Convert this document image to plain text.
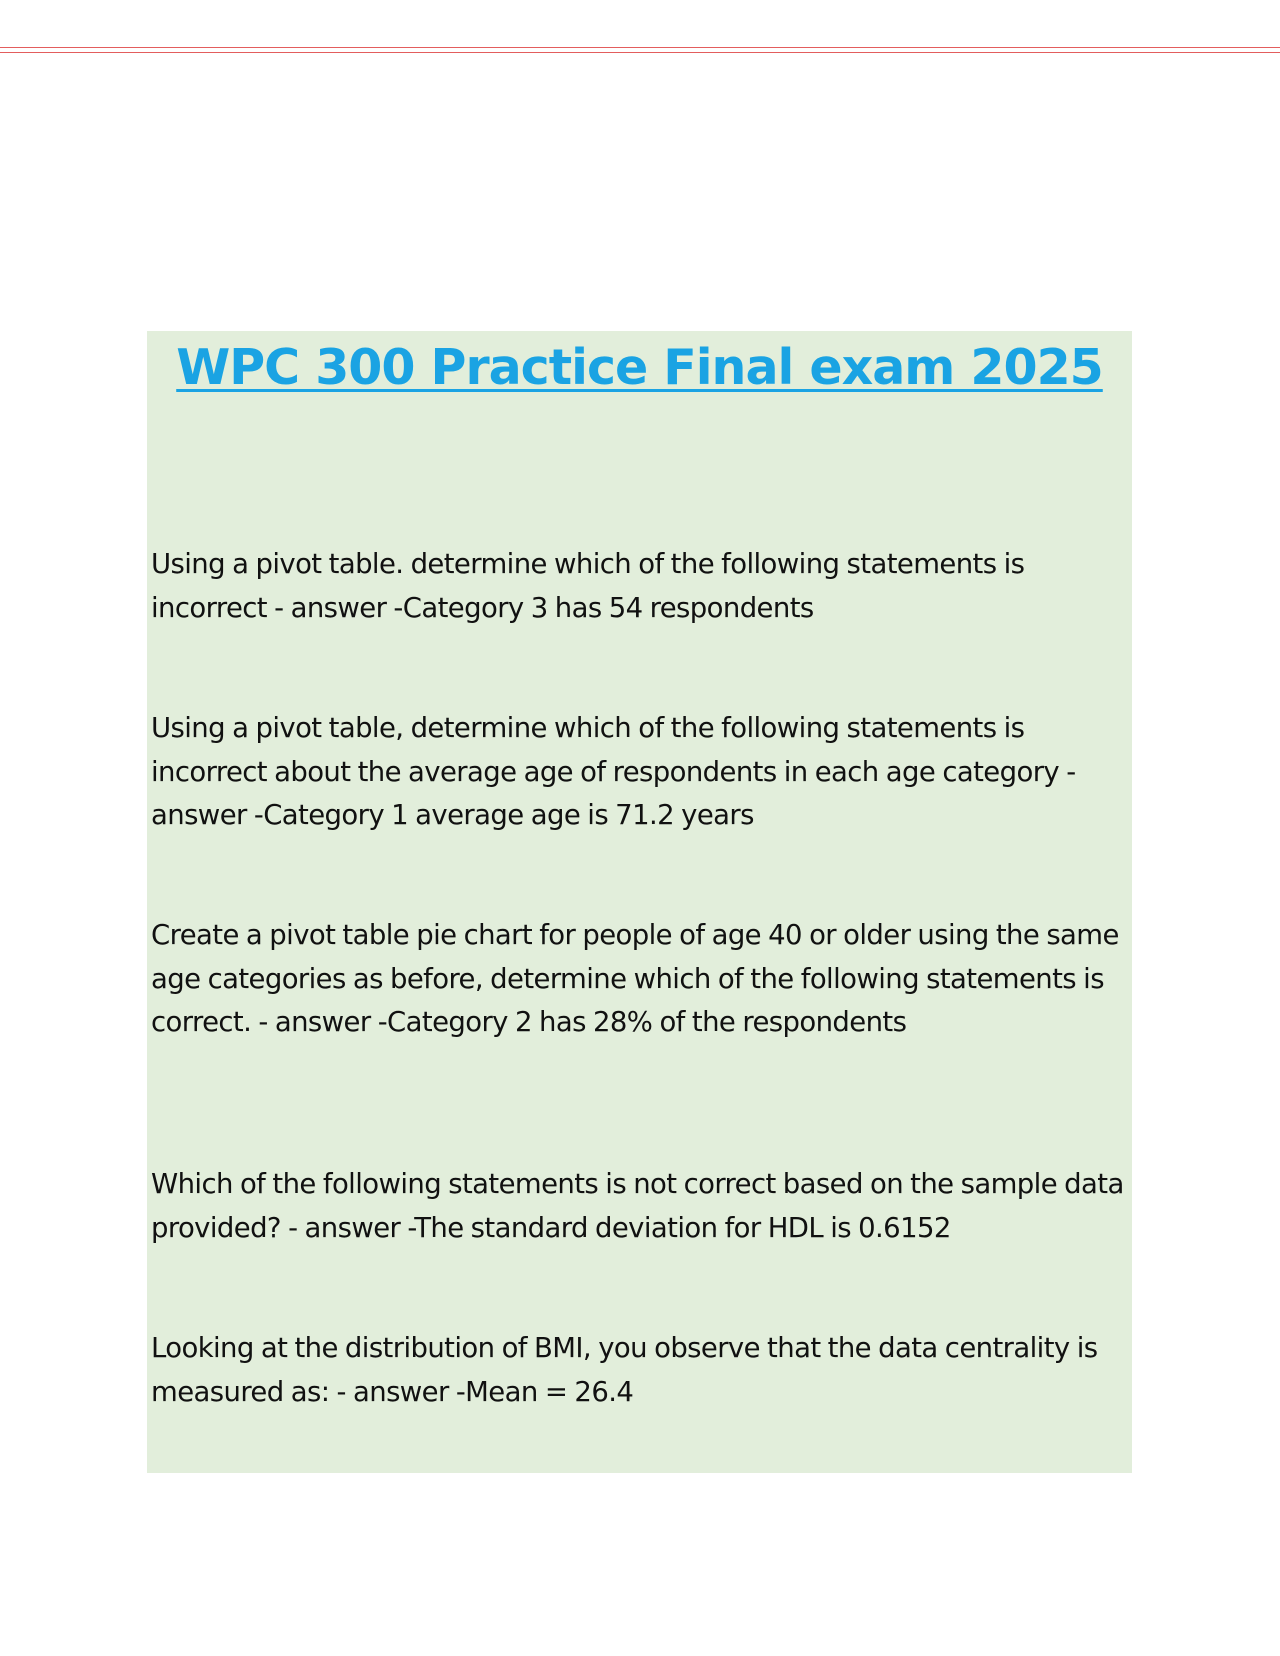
WPC 300 Practice Final exam 2025

Using a pivot table. determine which of the following statements is incorrect - answer -Category 3 has 54 respondents

Using a pivot table, determine which of the following statements is incorrect about the average age of respondents in each age category - answer -Category 1 average age is 71.2 years

Create a pivot table pie chart for people of age 40 or older using the same age categories as before, determine which of the following statements is correct. - answer -Category 2 has 28% of the respondents

Which of the following statements is not correct based on the sample data provided? - answer -The standard deviation for HDL is 0.6152

Looking at the distribution of BMI, you observe that the data centrality is measured as: - answer -Mean = 26.4
